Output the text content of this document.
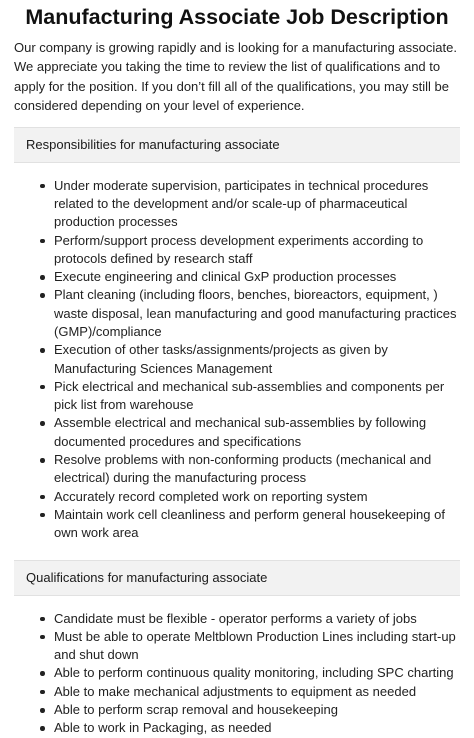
Manufacturing Associate Job Description

Our company is growing rapidly and is looking for a manufacturing associate. We appreciate you taking the time to review the list of qualifications and to apply for the position. If you don’t fill all of the qualifications, you may still be considered depending on your level of experience.

Responsibilities for manufacturing associate
Under moderate supervision, participates in technical procedures related to the development and/or scale-up of pharmaceutical production processes
Perform/support process development experiments according to protocols defined by research staff
Execute engineering and clinical GxP production processes
Plant cleaning (including floors, benches, bioreactors, equipment, ) waste disposal, lean manufacturing and good manufacturing practices (GMP)/compliance
Execution of other tasks/assignments/projects as given by Manufacturing Sciences Management
Pick electrical and mechanical sub-assemblies and components per pick list from warehouse
Assemble electrical and mechanical sub-assemblies by following documented procedures and specifications
Resolve problems with non-conforming products (mechanical and electrical) during the manufacturing process
Accurately record completed work on reporting system
Maintain work cell cleanliness and perform general housekeeping of own work area
Qualifications for manufacturing associate
Candidate must be flexible - operator performs a variety of jobs
Must be able to operate Meltblown Production Lines including start-up and shut down
Able to perform continuous quality monitoring, including SPC charting
Able to make mechanical adjustments to equipment as needed
Able to perform scrap removal and housekeeping
Able to work in Packaging, as needed
